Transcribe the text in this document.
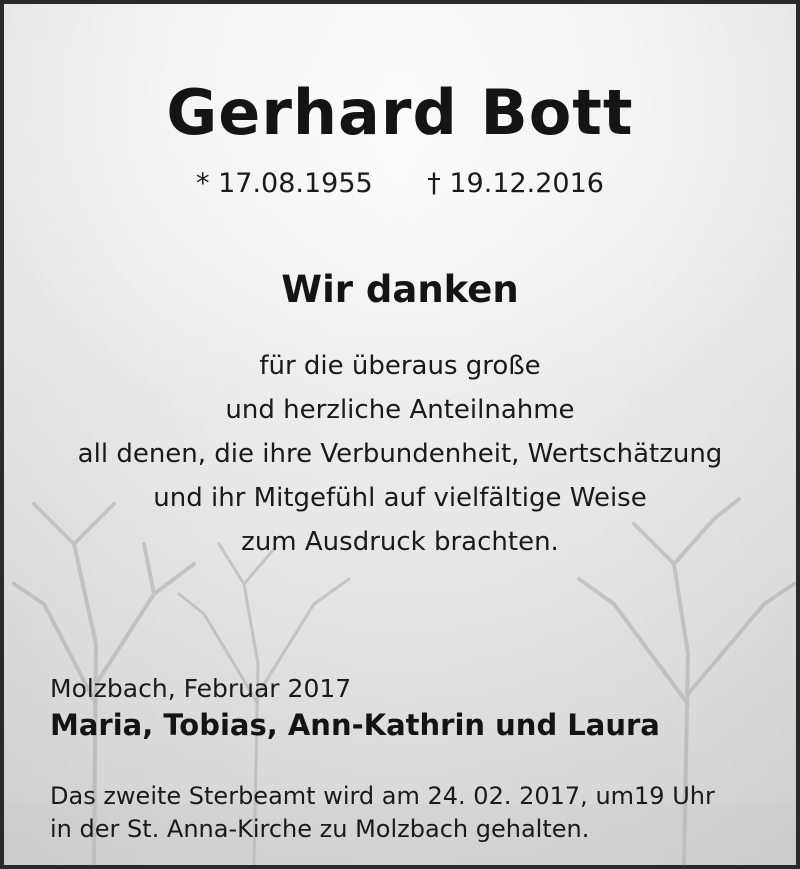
Gerhard Bott
* 17.08.1955 † 19.12.2016
Wir danken
für die überaus große
und herzliche Anteilnahme
all denen, die ihre Verbundenheit, Wertschätzung
und ihr Mitgefühl auf vielfältige Weise
zum Ausdruck brachten.
Molzbach, Februar 2017
Maria, Tobias, Ann-Kathrin und Laura
Das zweite Sterbeamt wird am 24. 02. 2017, um19 Uhr
in der St. Anna-Kirche zu Molzbach gehalten.
